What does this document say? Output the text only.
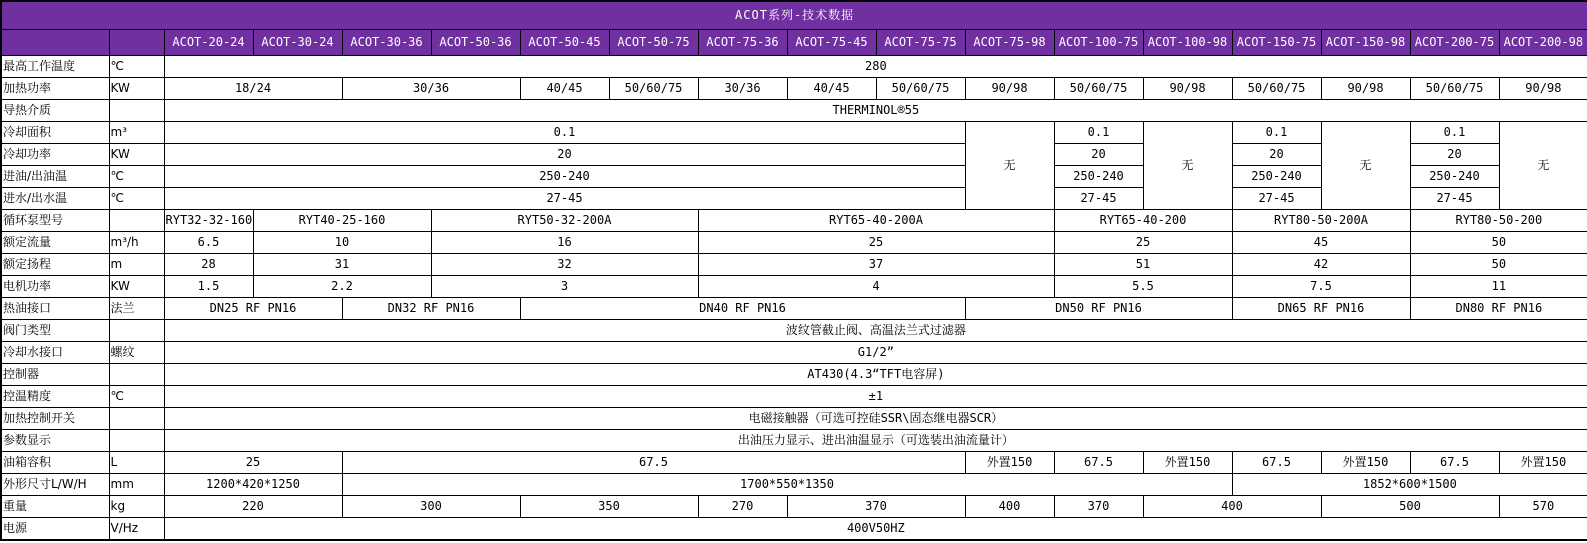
ACOT系列-技术数据																	
		ACOT-20-24	ACOT-30-24	ACOT-30-36	ACOT-50-36	ACOT-50-45	ACOT-50-75	ACOT-75-36	ACOT-75-45	ACOT-75-75	ACOT-75-98	ACOT-100-75	ACOT-100-98	ACOT-150-75	ACOT-150-98	ACOT-200-75	ACOT-200-98
最高工作温度	℃	280															
加热功率	KW	18/24		30/36		40/45	50/60/75	30/36	40/45	50/60/75	90/98	50/60/75	90/98	50/60/75	90/98	50/60/75	90/98
导热介质		THERMINOL®55															
冷却面积	m³	0.1									无	0.1	无	0.1	无	0.1	无
冷却功率	KW	20										20		20		20	
进油/出油温	℃	250-240										250-240		250-240		250-240	
进水/出水温	℃	27-45										27-45		27-45		27-45	
循环泵型号		RYT32-32-160	RYT40-25-160		RYT50-32-200A			RYT65-40-200A				RYT65-40-200		RYT80-50-200A		RYT80-50-200	
额定流量	m³/h	6.5	10		16			25				25		45		50	
额定扬程	m	28	31		32			37				51		42		50	
电机功率	KW	1.5	2.2		3			4				5.5		7.5		11	
热油接口	法兰	DN25 RF PN16		DN32 RF PN16		DN40 RF PN16					DN50 RF PN16			DN65 RF PN16		DN80 RF PN16	
阀门类型		波纹管截止阀、高温法兰式过滤器															
冷却水接口	螺纹	G1/2”															
控制器		AT430(4.3“TFT电容屏)															
控温精度	℃	±1															
加热控制开关		电磁接触器（可选可控硅SSR\固态继电器SCR）															
参数显示		出油压力显示、进出油温显示（可选装出油流量计）															
油箱容积	L	25		67.5							外置150	67.5	外置150	67.5	外置150	67.5	外置150
外形尺寸L/W/H	mm	1200*420*1250		1700*550*1350										1852*600*1500			
重量	kg	220		300		350		270	370		400	370	400		500		570
电源	V/Hz	400V50HZ															
